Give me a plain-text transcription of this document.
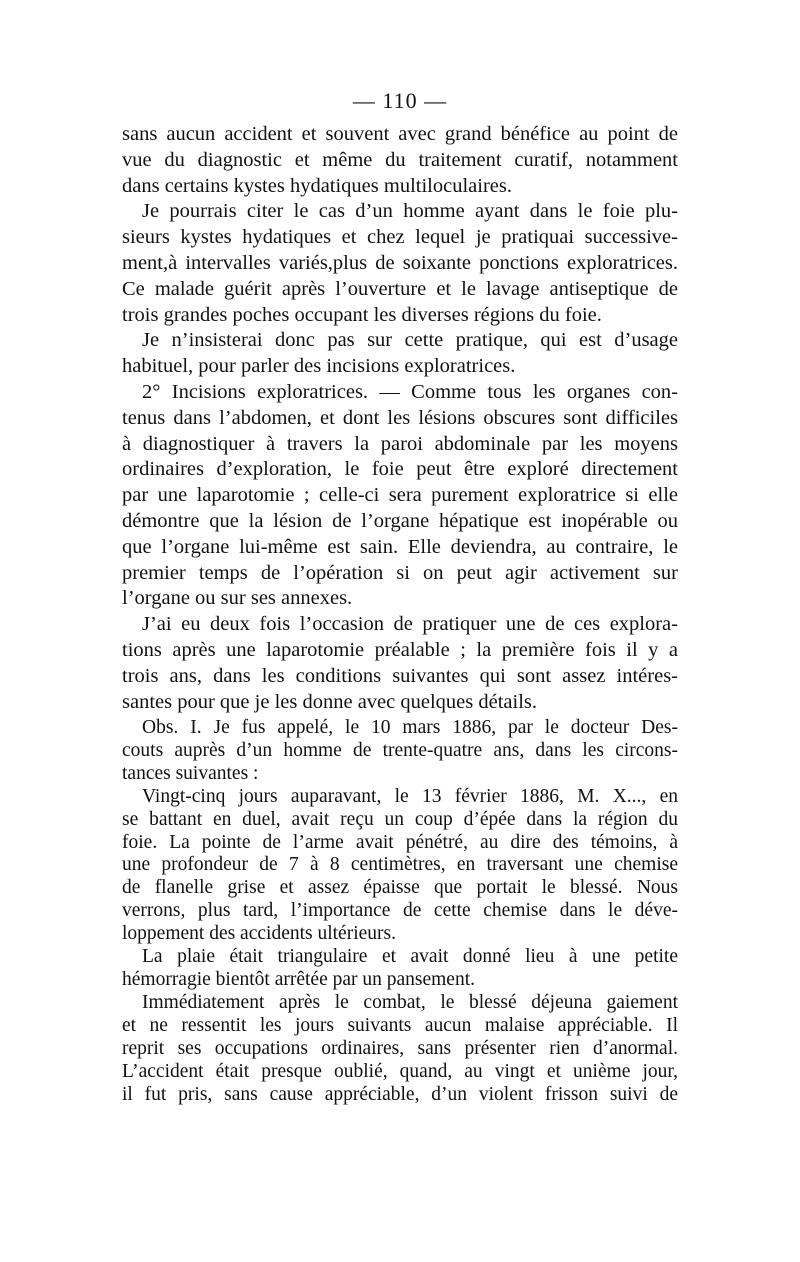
— 110 —
sans aucun accident et souvent avec grand bénéfice au point de
vue du diagnostic et même du traitement curatif, notamment
dans certains kystes hydatiques multiloculaires.
Je pourrais citer le cas d’un homme ayant dans le foie plu-
sieurs kystes hydatiques et chez lequel je pratiquai successive-
ment,à intervalles variés,plus de soixante ponctions exploratrices.
Ce malade guérit après l’ouverture et le lavage antiseptique de
trois grandes poches occupant les diverses régions du foie.
Je n’insisterai donc pas sur cette pratique, qui est d’usage
habituel, pour parler des incisions exploratrices.
2° Incisions exploratrices. — Comme tous les organes con-
tenus dans l’abdomen, et dont les lésions obscures sont difficiles
à diagnostiquer à travers la paroi abdominale par les moyens
ordinaires d’exploration, le foie peut être exploré directement
par une laparotomie ; celle-ci sera purement exploratrice si elle
démontre que la lésion de l’organe hépatique est inopérable ou
que l’organe lui-même est sain. Elle deviendra, au contraire, le
premier temps de l’opération si on peut agir activement sur
l’organe ou sur ses annexes.
J’ai eu deux fois l’occasion de pratiquer une de ces explora-
tions après une laparotomie préalable ; la première fois il y a
trois ans, dans les conditions suivantes qui sont assez intéres-
santes pour que je les donne avec quelques détails.
Obs. I. Je fus appelé, le 10 mars 1886, par le docteur Des-
couts auprès d’un homme de trente-quatre ans, dans les circons-
tances suivantes :
Vingt-cinq jours auparavant, le 13 février 1886, M. X..., en
se battant en duel, avait reçu un coup d’épée dans la région du
foie. La pointe de l’arme avait pénétré, au dire des témoins, à
une profondeur de 7 à 8 centimètres, en traversant une chemise
de flanelle grise et assez épaisse que portait le blessé. Nous
verrons, plus tard, l’importance de cette chemise dans le déve-
loppement des accidents ultérieurs.
La plaie était triangulaire et avait donné lieu à une petite
hémorragie bientôt arrêtée par un pansement.
Immédiatement après le combat, le blessé déjeuna gaiement
et ne ressentit les jours suivants aucun malaise appréciable. Il
reprit ses occupations ordinaires, sans présenter rien d’anormal.
L’accident était presque oublié, quand, au vingt et unième jour,
il fut pris, sans cause appréciable, d’un violent frisson suivi de
